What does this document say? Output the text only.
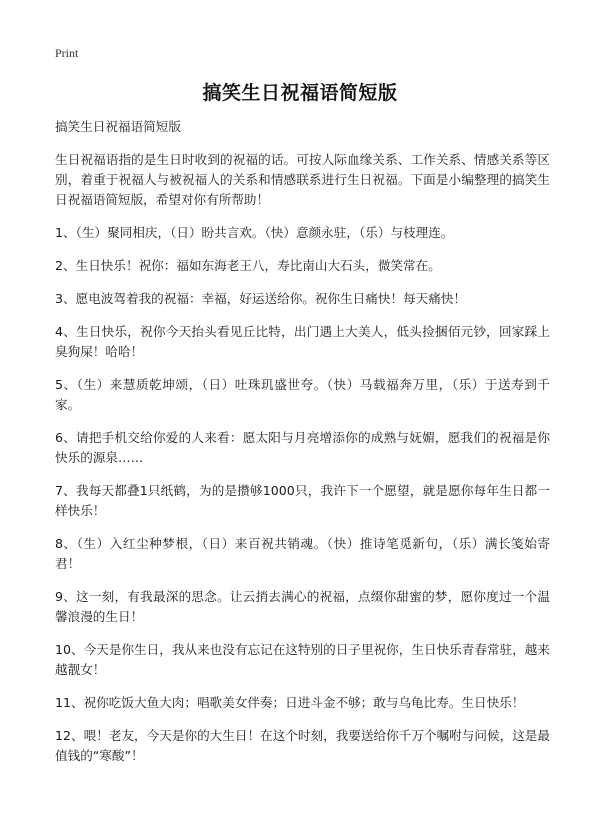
Print
搞笑生日祝福语简短版
搞笑生日祝福语简短版
生日祝福语指的是生日时收到的祝福的话。可按人际血缘关系、工作关系、情感关系等区别，着重于祝福人与被祝福人的关系和情感联系进行生日祝福。下面是小编整理的搞笑生日祝福语简短版，希望对你有所帮助！
1、（生）聚同相庆，（日）盼共言欢。（快）意颜永驻，（乐）与枝理连。
2、生日快乐！祝你：福如东海老王八，寿比南山大石头，微笑常在。
3、愿电波驾着我的祝福：幸福，好运送给你。祝你生日痛快！每天痛快！
4、生日快乐，祝你今天抬头看见丘比特，出门遇上大美人，低头捡捆佰元钞，回家踩上臭狗屎！哈哈！
5、（生）来慧质乾坤颂，（日）吐珠玑盛世夸。（快）马载福奔万里，（乐）于送寿到千家。
6、请把手机交给你爱的人来看：愿太阳与月亮增添你的成熟与妩媚，愿我们的祝福是你快乐的源泉……
7、我每天都叠1只纸鹤，为的是攒够1000只，我许下一个愿望，就是愿你每年生日都一样快乐！
8、（生）入红尘种梦根，（日）来百祝共销魂。（快）推诗笔觅新句，（乐）满长笺始寄君！
9、这一刻，有我最深的思念。让云捎去满心的祝福，点缀你甜蜜的梦，愿你度过一个温馨浪漫的生日！
10、今天是你生日，我从来也没有忘记在这特别的日子里祝你，生日快乐青春常驻，越来越靓女！
11、祝你吃饭大鱼大肉；唱歌美女伴奏；日进斗金不够；敢与乌龟比寿。生日快乐！
12、喂！老友，今天是你的大生日！在这个时刻，我要送给你千万个嘱咐与问候，这是最值钱的“寒酸”！
